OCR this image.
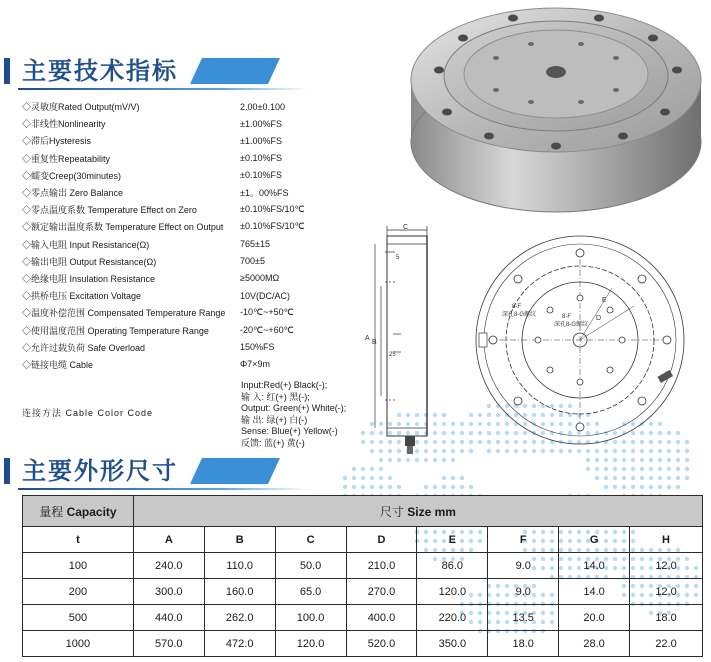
主要技术指标
◇灵敏度Rated Output(mV/V)	2.00±0.100
◇非线性Nonlinearity	±1.00%FS
◇滞后Hysteresis	±1.00%FS
◇重复性Repeatability	±0.10%FS
◇蠕变Creep(30minutes)	±0.10%FS
◇零点输出 Zero Balance	±1。00%FS
◇零点温度系数 Temperature Effect on Zero	±0.10%FS/10℃
◇额定输出温度系数 Temperature Effect on Output	±0.10%FS/10℃
◇输入电阻 Input Resistance(Ω)	765±15
◇输出电阻 Output Resistance(Ω)	700±5
◇绝缘电阻 Insulation Resistance	≥5000MΩ
◇拱桥电压 Excitation Voltage	10V(DC/AC)
◇温度补偿范围 Compensated Temperature Range	-10℃~+50℃
◇使用温度范围 Operating Temperature Range	-20℃~+60℃
◇允许过载负荷 Safe Overload	150%FS
◇链接电缆 Cable	Φ7×9m
连接方法 Cable Color Code
Input:Red(+) Black(-);
输 入: 红(+) 黑(-);
Output: Green(+) White(-);
输 出: 绿(+) 白(-)
Sense: Blue(+) Yellow(-)
反馈: 蓝(+) 黄(-)
C
5
A
B
25
8-F
深孔8-G螺纹	8-F
深孔8-G螺纹
E
D
主要外形尺寸
量程 Capacity	尺寸 Size mm							
t	A	B	C	D	E	F	G	H
100	240.0	110.0	50.0	210.0	86.0	9.0	14.0	12.0
200	300.0	160.0	65.0	270.0	120.0	9.0	14.0	12.0
500	440.0	262.0	100.0	400.0	220.0	13.5	20.0	18.0
1000	570.0	472.0	120.0	520.0	350.0	18.0	28.0	22.0
